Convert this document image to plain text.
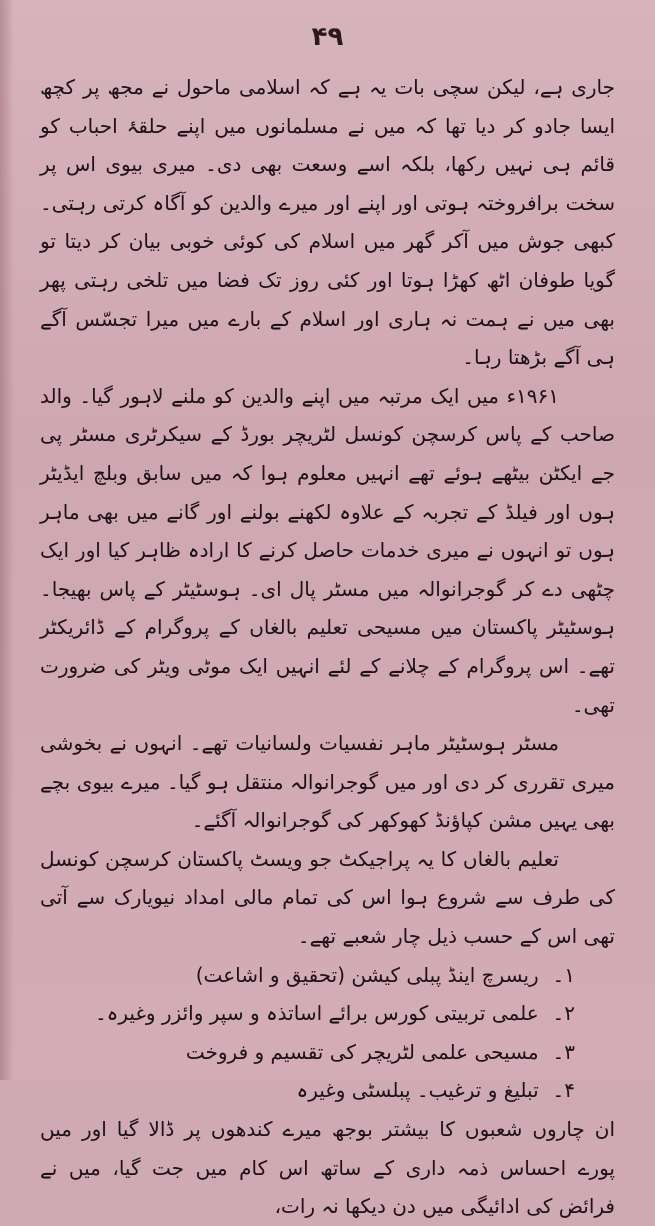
۴۹

جاری ہے، لیکن سچی بات یہ ہے کہ اسلامی ماحول نے مجھ پر کچھ ایسا جادو کر دیا تھا کہ میں نے مسلمانوں میں اپنے حلقۂ احباب کو قائم ہی نہیں رکھا، بلکہ اسے وسعت بھی دی۔ میری بیوی اس پر سخت برافروختہ ہوتی اور اپنے اور میرے والدین کو آگاہ کرتی رہتی۔ کبھی جوش میں آکر گھر میں اسلام کی کوئی خوبی بیان کر دیتا تو گویا طوفان اٹھ کھڑا ہوتا اور کئی روز تک فضا میں تلخی رہتی پھر بھی میں نے ہمت نہ ہاری اور اسلام کے بارے میں میرا تجسّس آگے ہی آگے بڑھتا رہا۔

۱۹۶۱ء میں ایک مرتبہ میں اپنے والدین کو ملنے لاہور گیا۔ والد صاحب کے پاس کرسچن کونسل لٹریچر بورڈ کے سیکرٹری مسٹر پی جے ایکٹن بیٹھے ہوئے تھے انہیں معلوم ہوا کہ میں سابق وبلچ ایڈیٹر ہوں اور فیلڈ کے تجربہ کے علاوہ لکھنے بولنے اور گانے میں بھی ماہر ہوں تو انہوں نے میری خدمات حاصل کرنے کا ارادہ ظاہر کیا اور ایک چٹھی دے کر گوجرانوالہ میں مسٹر پال ای۔ ہوسٹیٹر کے پاس بھیجا۔ ہوسٹیٹر پاکستان میں مسیحی تعلیم بالغاں کے پروگرام کے ڈائریکٹر تھے۔ اس پروگرام کے چلانے کے لئے انہیں ایک موٹی ویٹر کی ضرورت تھی۔

مسٹر ہوسٹیٹر ماہر نفسیات ولسانیات تھے۔ انہوں نے بخوشی میری تقرری کر دی اور میں گوجرانوالہ منتقل ہو گیا۔ میرے بیوی بچے بھی یہیں مشن کپاؤنڈ کھوکھر کی گوجرانوالہ آگئے۔

تعلیم بالغاں کا یہ پراجیکٹ جو ویسٹ پاکستان کرسچن کونسل کی طرف سے شروع ہوا اس کی تمام مالی امداد نیویارک سے آتی تھی اس کے حسب ذیل چار شعبے تھے۔

۱۔ ریسرچ اینڈ پبلی کیشن (تحقیق و اشاعت)
۲۔ علمی تربیتی کورس برائے اساتذہ و سپر وائزر وغیرہ۔
۳۔ مسیحی علمی لٹریچر کی تقسیم و فروخت
۴۔ تبلیغ و ترغیب۔ پبلسٹی وغیرہ

ان چاروں شعبوں کا بیشتر بوجھ میرے کندھوں پر ڈالا گیا اور میں پورے احساس ذمہ داری کے ساتھ اس کام میں جت گیا، میں نے فرائض کی ادائیگی میں دن دیکھا نہ رات،
